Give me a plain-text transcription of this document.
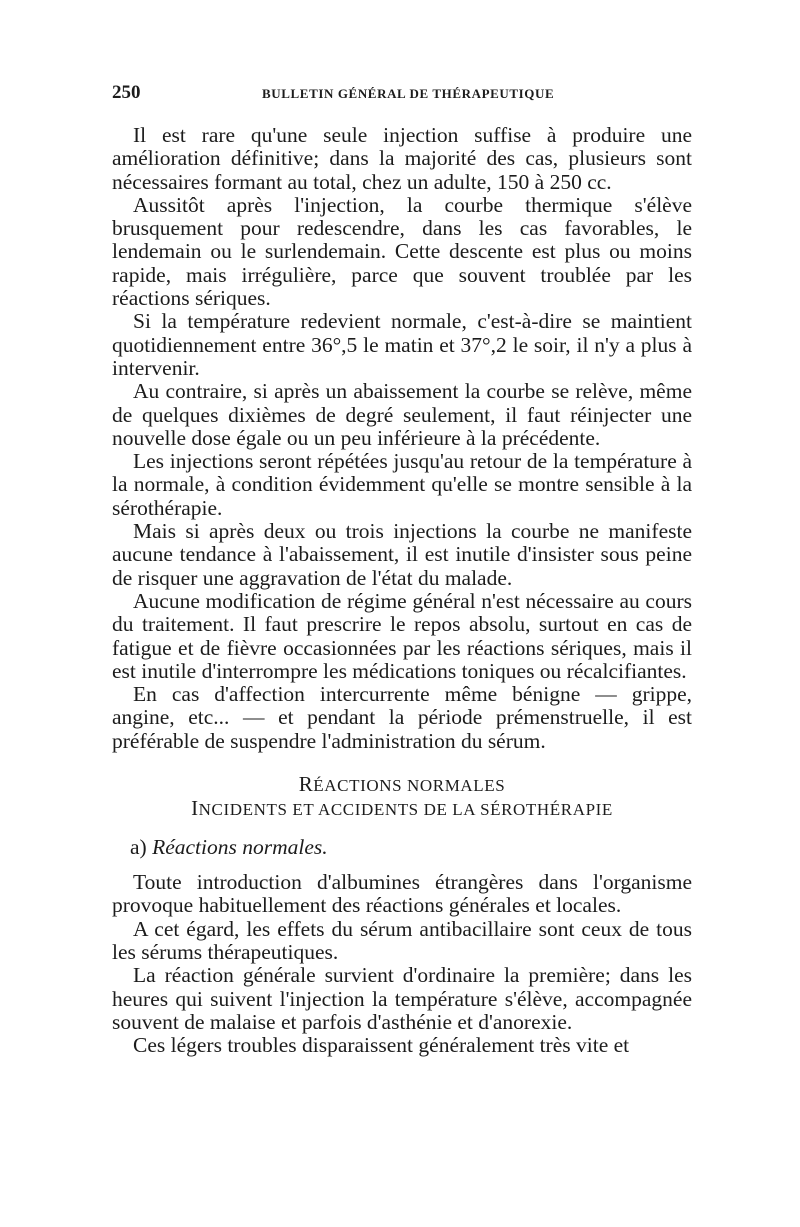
250	BULLETIN GÉNÉRAL DE THÉRAPEUTIQUE

Il est rare qu'une seule injection suffise à produire une amélioration définitive; dans la majorité des cas, plusieurs sont nécessaires formant au total, chez un adulte, 150 à 250 cc.

Aussitôt après l'injection, la courbe thermique s'élève brusquement pour redescendre, dans les cas favorables, le lendemain ou le surlendemain. Cette descente est plus ou moins rapide, mais irrégulière, parce que souvent troublée par les réactions sériques.

Si la température redevient normale, c'est-à-dire se maintient quotidiennement entre 36°,5 le matin et 37°,2 le soir, il n'y a plus à intervenir.

Au contraire, si après un abaissement la courbe se relève, même de quelques dixièmes de degré seulement, il faut réinjecter une nouvelle dose égale ou un peu inférieure à la précédente.

Les injections seront répétées jusqu'au retour de la température à la normale, à condition évidemment qu'elle se montre sensible à la sérothérapie.

Mais si après deux ou trois injections la courbe ne manifeste aucune tendance à l'abaissement, il est inutile d'insister sous peine de risquer une aggravation de l'état du malade.

Aucune modification de régime général n'est nécessaire au cours du traitement. Il faut prescrire le repos absolu, surtout en cas de fatigue et de fièvre occasionnées par les réactions sériques, mais il est inutile d'interrompre les médications toniques ou récalcifiantes.

En cas d'affection intercurrente même bénigne — grippe, angine, etc... — et pendant la période prémenstruelle, il est préférable de suspendre l'administration du sérum.

RÉACTIONS NORMALES
INCIDENTS ET ACCIDENTS DE LA SÉROTHÉRAPIE
a) Réactions normales.

Toute introduction d'albumines étrangères dans l'organisme provoque habituellement des réactions générales et locales.

A cet égard, les effets du sérum antibacillaire sont ceux de tous les sérums thérapeutiques.

La réaction générale survient d'ordinaire la première; dans les heures qui suivent l'injection la température s'élève, accompagnée souvent de malaise et parfois d'asthénie et d'anorexie.

Ces légers troubles disparaissent généralement très vite et
